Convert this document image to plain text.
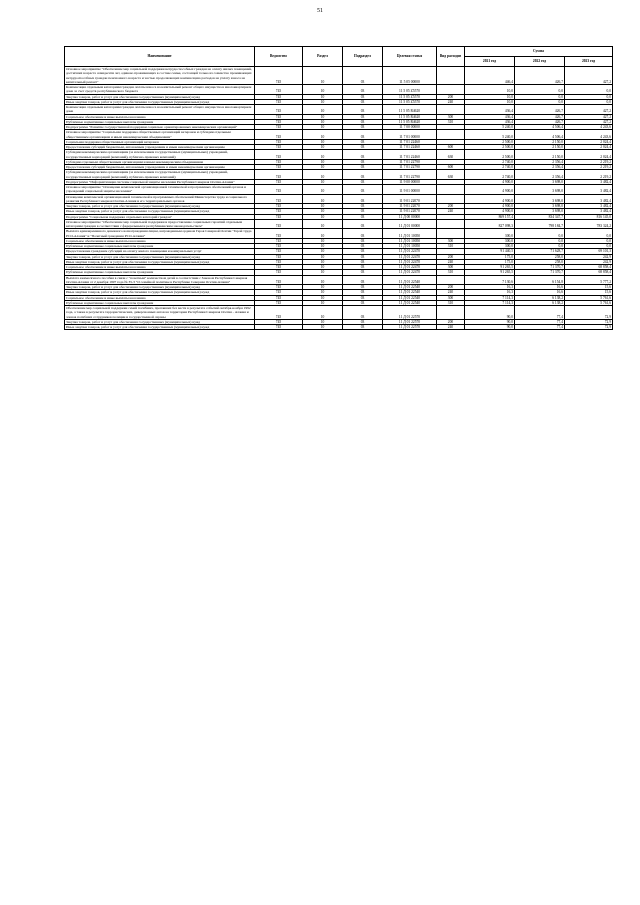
51
Наименование	Ведомство	Раздел	Подраздел	Целевая статья	Вид расходов	Сумма		
						2021 год	2022 год	2023 год
Основное мероприятие "Обеспечение мер социальной поддержки нетрудоспособных граждан на оплату жилых помещений, достигших возраста семидесяти лет, одиноко проживающих в составе семьи, состоящей только из совместно проживающих нетрудоспособных граждан пенсионного возраста и частью продолжающих компенсацию расходов на уплату взноса на капитальный ремонт"	745	10	03	11 5 05 00000		446,4	426,7	427,2
Компенсация отдельным категориям граждан оплаты взноса на капитальный ремонт общего имущества в многоквартирном доме за счет средств республиканского бюджета	745	10	03	11 5 05 Z5570		10,0	0,0	0,0
Закупка товаров, работ и услуг для обеспечения государственных (муниципальных) нужд	745	10	03	11 5 05 Z5570	200	10,0	0,0	0,0
Иные закупки товаров, работ и услуг для обеспечения государственных (муниципальных) нужд	745	10	03	11 5 05 Z5570	240	10,0	0,0	0,0
Компенсация отдельным категориям граждан оплаты взноса на капитальный ремонт общего имущества в многоквартирном доме	745	10	03	11 5 05 R4620		436,4	426,7	427,2
Социальное обеспечение и иные выплаты населению	745	10	03	11 5 05 R4620	300	436,4	426,7	427,2
Публичные нормативные социальные выплаты гражданам	745	10	03	11 5 05 R4620	310	436,4	426,7	427,2
Подпрограмма "Развитие государственной поддержки социально ориентированных некоммерческих организаций"	745	10	03	11 7 00 00000		5 240,0	4 506,4	4 243,6
Основное мероприятие "Социальная поддержка общественных организаций ветеранов и субсидии отдельным общественным организациям и иным некоммерческим объединениям"	745	10	03	11 7 01 00000		5 240,0	4 506,4	4 243,6
Социальная поддержка общественных организаций ветеранов	745	10	03	11 7 01 22460		2 500,0	2 150,0	2 024,4
Предоставление субсидий бюджетным, автономным учреждениям и иным некоммерческим организациям	745	10	03	11 7 01 22460	600	2 500,0	2 150,0	2 024,4
Субсидии некоммерческим организациям (за исключением государственных (муниципальных) учреждений, государственных корпораций (компаний), публично-правовых компаний)	745	10	03	11 7 01 22460	630	2 500,0	2 150,0	2 024,4
Субсидии отдельным общественным организациям и иным некоммерческим объединениям	745	10	03	11 7 01 22790		2 740,0	2 356,4	2 219,2
Предоставление субсидий бюджетным, автономным учреждениям и иным некоммерческим организациям	745	10	03	11 7 01 22790	600	2 740,0	2 356,4	2 219,2
Субсидии некоммерческим организациям (за исключением государственных (муниципальных) учреждений, государственных корпораций (компаний), публично-правовых компаний)	745	10	03	11 7 01 22790	630	2 740,0	2 356,4	2 219,2
Подпрограмма "Информатизация системы социальной защиты населения Республики Северная Осетия-Алания"	745	10	03	11 9 00 00000		4 900,0	3 698,0	3 482,4
Основное мероприятие "Оснащение комплексной организационной технической и программных обеспечений органов и учреждений социальной защиты населения"	745	10	03	11 9 01 00000		4 900,0	3 698,0	3 482,4
Оснащение комплексной организационной технической и программных обеспечений Министерства труда и социального развития Республики Северная Осетия-Алания и его территориальных органов	745	10	03	11 9 01 22070		4 900,0	3 698,0	3 482,4
Закупка товаров, работ и услуг для обеспечения государственных (муниципальных) нужд	745	10	03	11 9 01 22070	200	4 900,0	3 698,0	3 482,4
Иные закупки товаров, работ и услуг для обеспечения государственных (муниципальных) нужд	745	10	03	11 9 01 22070	240	4 900,0	3 698,0	3 482,4
Подпрограмма "Социальная поддержка отдельных категорий граждан"	745	10	03	11 Д 00 00000		869 157,4	834 347,7	816 145,0
Основное мероприятие "Обеспечение мер социальной поддержки и предоставление социальных гарантий отдельным категориям граждан в соответствии с федеральным и республиканским законодательством"	745	10	03	11 Д 01 00000		827 098,3	798 184,7	783 324,2
Выплата единовременного денежного вознаграждения лицам, награжденным орденом Героя Северной Осетии "Герой труда РСО-Алания" и "Почетный гражданин РСО-Алания"	745	10	03	11 Д 01 10050		300,0	0,0	0,0
Социальное обеспечение и иные выплаты населению	745	10	03	11 Д 01 10050	300	300,0	0,0	0,0
Публичные нормативные социальные выплаты гражданам	745	10	03	11 Д 01 10050	310	300,0	0,0	0,0
Предоставление гражданам субсидий на оплату жилого помещения и коммунальных услуг	745	10	03	11 Д 01 22470		91 440,5	71 628,7	69 101,3
Закупка товаров, работ и услуг для обеспечения государственных (муниципальных) нужд	745	10	03	11 Д 01 22470	200	175,0	258,0	242,9
Иные закупки товаров, работ и услуг для обеспечения государственных (муниципальных) нужд	745	10	03	11 Д 01 22470	240	175,0	258,0	242,9
Социальное обеспечение и иные выплаты населению	745	10	03	11 Д 01 22470	300	91 265,5	71 370,7	68 858,4
Публичные нормативные социальные выплаты гражданам	745	10	03	11 Д 01 22470	310	91 265,5	71 370,7	68 858,4
Выплата ежемесячного пособия в связи с "почетным" количеством детей в соответствии с Законом Республики Северная Осетия-Алания от 2 декабря 1997 года № 35-3 "О семейной политике в Республике Северная Осетия-Алания"	745	10	03	11 Д 01 22540		7 130,6	6 154,8	5 777,2
Закупка товаров, работ и услуг для обеспечения государственных (муниципальных) нужд	745	10	03	11 Д 01 22540	200	16,3	16,6	15,6
Иные закупки товаров, работ и услуг для обеспечения государственных (муниципальных) нужд	745	10	03	11 Д 01 22540	240	16,3	16,6	15,6
Социальное обеспечение и иные выплаты населению	745	10	03	11 Д 01 22540	300	7 114,3	6 138,2	5 761,6
Публичные нормативные социальные выплаты гражданам	745	10	03	11 Д 01 22540	310	7 114,3	6 138,2	5 761,6
Обеспечение мер социальной поддержки семей погибших, пропавших без вести в результате событий октября-ноября 1992 года, а также в результате террористических, диверсионных актов на территории Республики Северная Осетия - Алания и членов погибших сотрудников полиции и государственной охраны	745	10	03	11 Д 01 22570		90,0	77,4	72,9
Закупка товаров, работ и услуг для обеспечения государственных (муниципальных) нужд	745	10	03	11 Д 01 22570	200	90,0	77,4	72,9
Иные закупки товаров, работ и услуг для обеспечения государственных (муниципальных) нужд	745	10	03	11 Д 01 22570	240	90,0	77,4	72,9
